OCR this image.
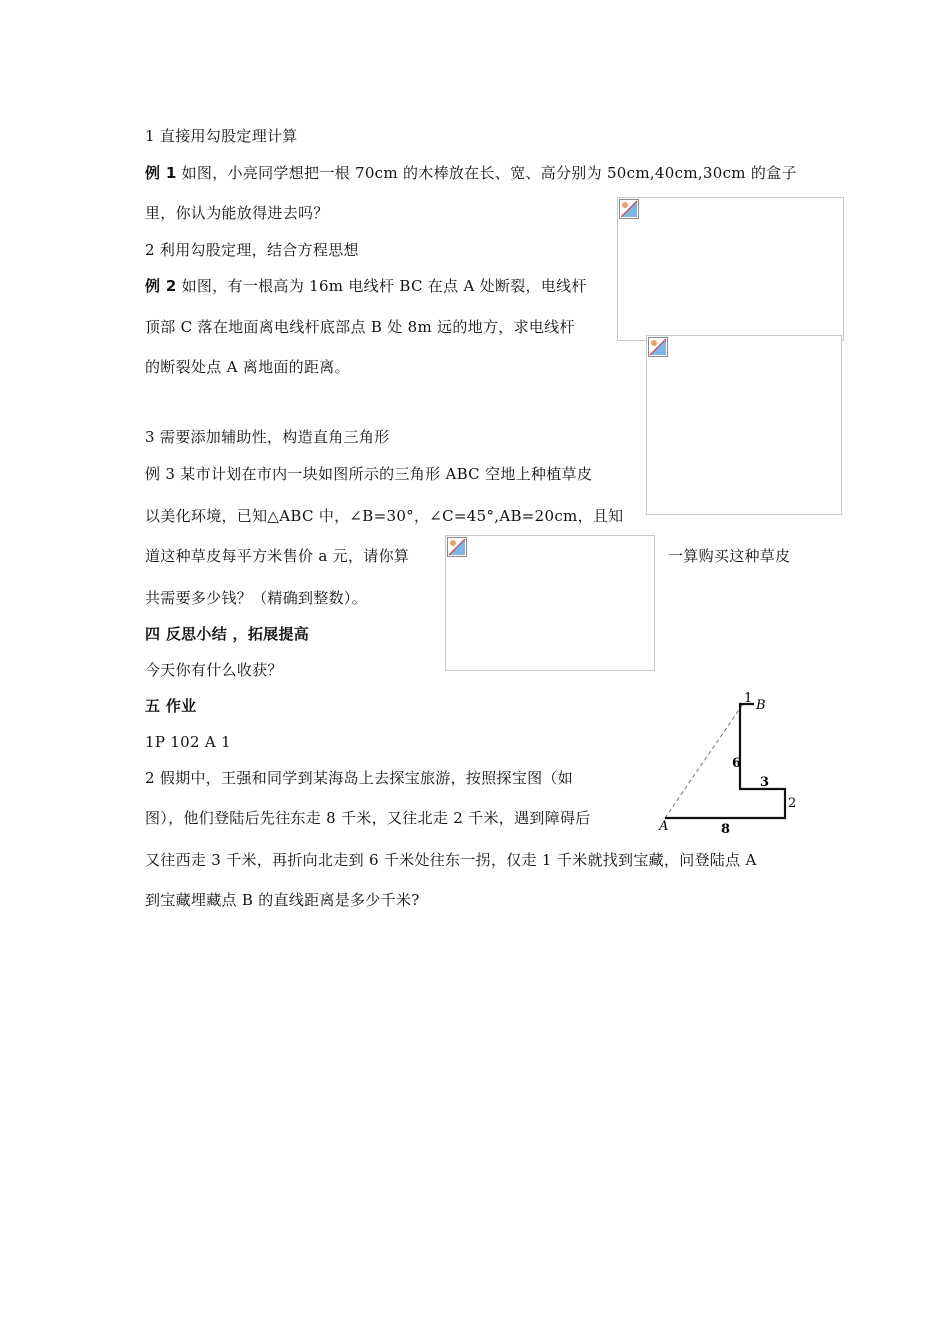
1 直接用勾股定理计算
例 1 如图，小亮同学想把一根 70cm 的木棒放在长、宽、高分别为 50cm,40cm,30cm 的盒子
里，你认为能放得进去吗？
2 利用勾股定理，结合方程思想
例 2 如图，有一根高为 16m 电线杆 BC 在点 A 处断裂，电线杆
顶部 C 落在地面离电线杆底部点 B 处 8m 远的地方，求电线杆
的断裂处点 A 离地面的距离。
3 需要添加辅助性，构造直角三角形
例 3 某市计划在市内一块如图所示的三角形 ABC 空地上种植草皮
以美化环境，已知△ABC 中，∠B=30°，∠C=45°,AB=20cm，且知
道这种草皮每平方米售价 a 元，请你算	一算购买这种草皮
共需要多少钱？（精确到整数）。
四 反思小结 ，拓展提高
今天你有什么收获？
五 作业
1P 102 A 1
2 假期中，王强和同学到某海岛上去探宝旅游，按照探宝图（如
图），他们登陆后先往东走 8 千米，又往北走 2 千米，遇到障碍后
又往西走 3 千米，再折向北走到 6 千米处往东一拐，仅走 1 千米就找到宝藏，问登陆点 A
到宝藏埋藏点 B 的直线距离是多少千米?
1 B
6
3
2
A	8
